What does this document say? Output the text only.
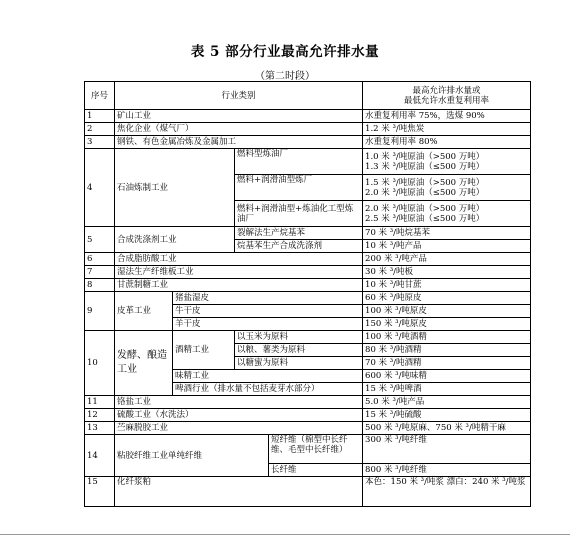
表 5 部分行业最高允许排水量
（第二时段）
序号	行业类别				最高允许排水量或
最低允许水重复利用率

1	矿山工业				水重复利用率 75%，选煤 90%
2	焦化企业（煤气厂）				1.2 米 ³/吨焦炭
3	钢铁、有色金属冶炼及金属加工				水重复利用率 80%
4	石油炼制工业		燃料型炼油厂		1.0 米 ³/吨原油（>500 万吨）
1.3 米 ³/吨原油（≤500 万吨）

			燃料+润滑油型炼厂		1.5 米 ³/吨原油（>500 万吨）
2.0 米 ³/吨原油（≤500 万吨）

			燃料+润滑油型+炼油化工型炼油厂		2.0 米 ³/吨原油（>500 万吨）
2.5 米 ³/吨原油（≤500 万吨）

5	合成洗涤剂工业		裂解法生产烷基苯		70 米 ³/吨烷基苯
			烷基苯生产合成洗涤剂		10 米 ³/吨产品
6	合成脂肪酸工业				200 米 ³/吨产品
7	湿法生产纤维板工业				30 米 ³/吨板
8	甘蔗制糖工业				10 米 ³/吨甘蔗
9	皮革工业	猪盐湿皮			60 米 ³/吨原皮
		牛干皮			100 米 ³/吨原皮
		羊干皮			150 米 ³/吨原皮
10	发酵、酿造工业	酒精工业	以玉米为原料		100 米 ³/吨酒精
			以粮、薯类为原料		80 米 ³/吨酒精
			以糖蜜为原料		70 米 ³/吨酒精
		味精工业			600 米 ³/吨味精
		啤酒行业（排水量不包括麦芽水部分）			15 米 ³/吨啤酒
11	铬盐工业				5.0 米 ³/吨产品
12	硫酸工业（水洗法）				15 米 ³/吨硫酸
13	苎麻脱胶工业				500 米 ³/吨原麻、750 米 ³/吨精干麻
14	粘胶纤维工业单纯纤维			短纤维（棉型中长纤维、毛型中长纤维）	300 米 ³/吨纤维
				长纤维	800 米 ³/吨纤维
15	化纤浆粕				本色：150 米 ³/吨浆 漂白：240 米 ³/吨浆
